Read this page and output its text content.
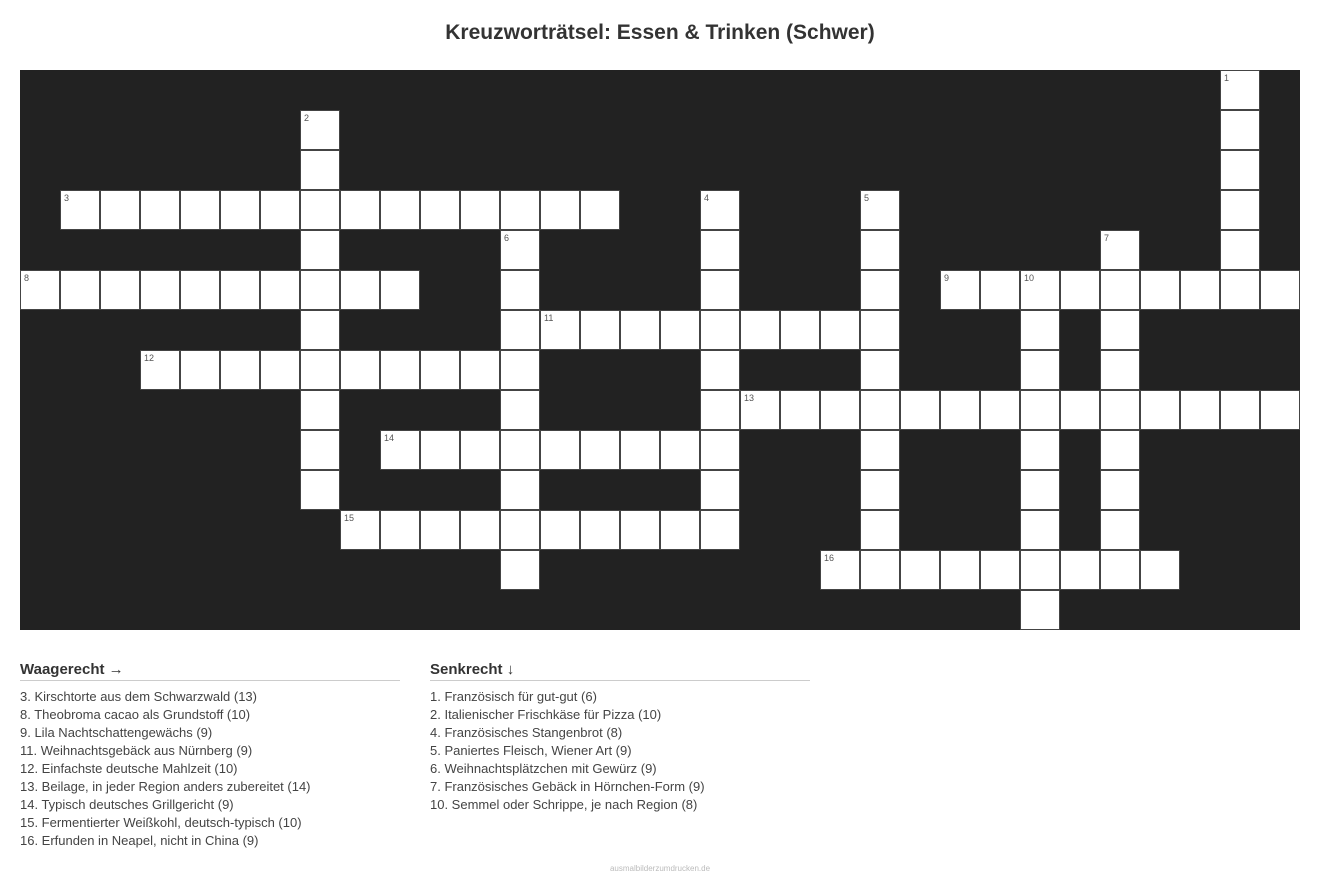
Kreuzworträtsel: Essen & Trinken (Schwer)
1
2
3	4	5
6	7
8	9	10
11
12
13
14
15
16
Waagerecht →
3. Kirschtorte aus dem Schwarzwald (13)
8. Theobroma cacao als Grundstoff (10)
9. Lila Nachtschattengewächs (9)
11. Weihnachtsgebäck aus Nürnberg (9)
12. Einfachste deutsche Mahlzeit (10)
13. Beilage, in jeder Region anders zubereitet (14)
14. Typisch deutsches Grillgericht (9)
15. Fermentierter Weißkohl, deutsch-typisch (10)
16. Erfunden in Neapel, nicht in China (9)
Senkrecht ↓
1. Französisch für gut-gut (6)
2. Italienischer Frischkäse für Pizza (10)
4. Französisches Stangenbrot (8)
5. Paniertes Fleisch, Wiener Art (9)
6. Weihnachtsplätzchen mit Gewürz (9)
7. Französisches Gebäck in Hörnchen-Form (9)
10. Semmel oder Schrippe, je nach Region (8)
ausmalbilderzumdrucken.de
